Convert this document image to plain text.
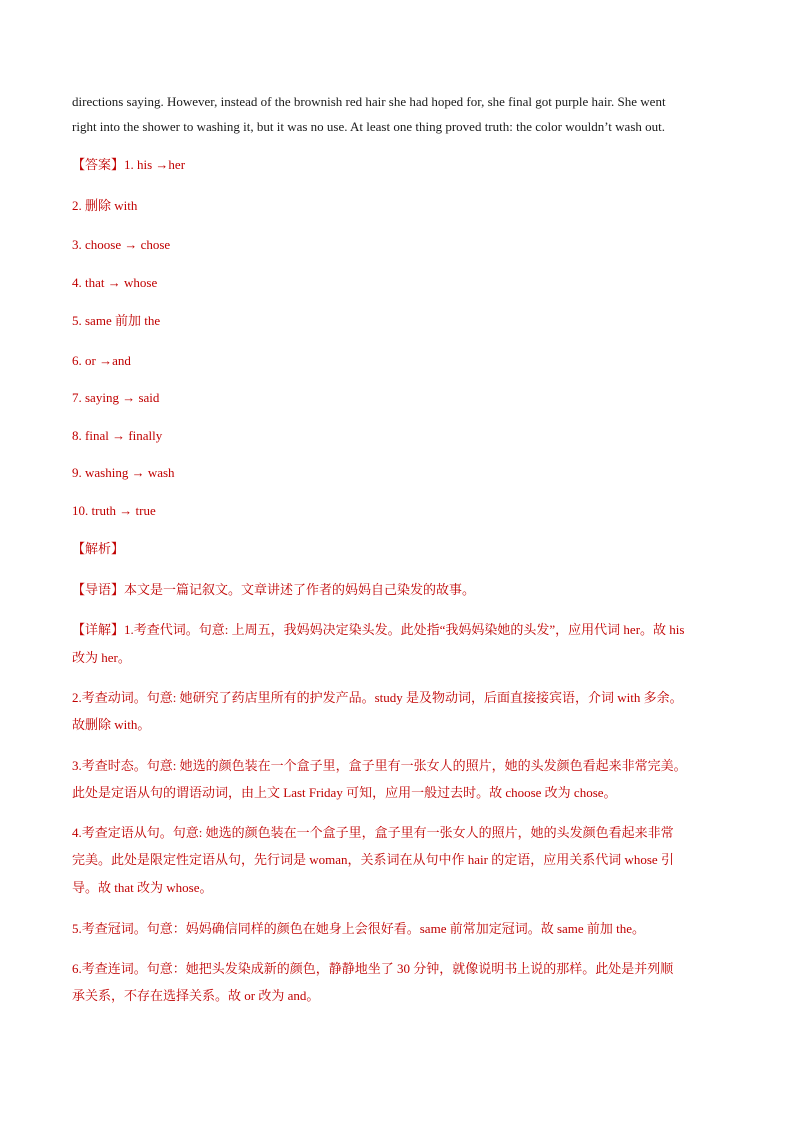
directions saying. However, instead of the brownish red hair she had hoped for, she final got purple hair. She went
right into the shower to washing it, but it was no use. At least one thing proved truth: the color wouldn’t wash out.
【答案】1. his →her
2. 删除 with
3. choose → chose
4. that → whose
5. same 前加 the
6. or →and
7. saying → said
8. final → finally
9. washing → wash
10. truth → true
【解析】
【导语】本文是一篇记叙文。文章讲述了作者的妈妈自己染发的故事。
【详解】1.考查代词。句意: 上周五，我妈妈决定染头发。此处指“我妈妈染她的头发”，应用代词 her。故 his
改为 her。
2.考查动词。句意: 她研究了药店里所有的护发产品。study 是及物动词，后面直接接宾语，介词 with 多余。
故删除 with。
3.考查时态。句意: 她选的颜色装在一个盒子里，盒子里有一张女人的照片，她的头发颜色看起来非常完美。
此处是定语从句的谓语动词，由上文 Last Friday 可知，应用一般过去时。故 choose 改为 chose。
4.考查定语从句。句意: 她选的颜色装在一个盒子里，盒子里有一张女人的照片，她的头发颜色看起来非常
完美。此处是限定性定语从句，先行词是 woman，关系词在从句中作 hair 的定语，应用关系代词 whose 引
导。故 that 改为 whose。
5.考查冠词。句意：妈妈确信同样的颜色在她身上会很好看。same 前常加定冠词。故 same 前加 the。
6.考查连词。句意：她把头发染成新的颜色，静静地坐了 30 分钟，就像说明书上说的那样。此处是并列顺
承关系，不存在选择关系。故 or 改为 and。
